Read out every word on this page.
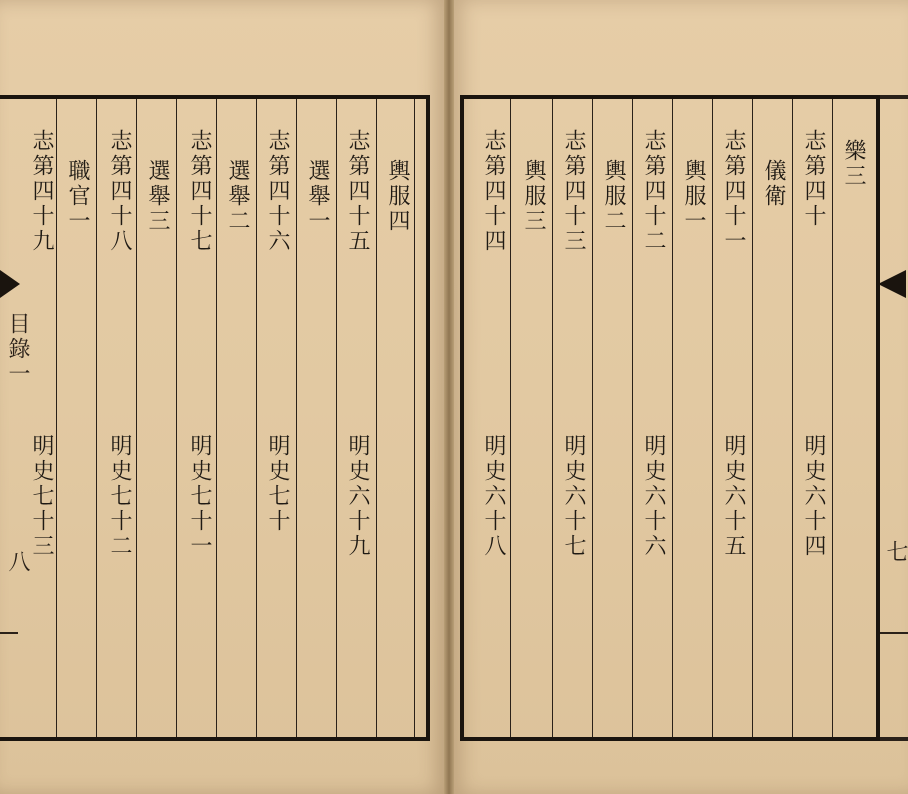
志第四十九
明史七十三
職官一 志第四十八
明史七十二
選舉三 志第四十七
明史七十一
選舉二 志第四十六
明史七十
選舉一 志第四十五
明史六十九
輿服四
目錄一
八
志第四十四
明史六十八
輿服三 志第四十三
明史六十七
輿服二 志第四十二
明史六十六
輿服一 志第四十一
明史六十五
儀衛 志第四十
明史六十四
樂三
七
